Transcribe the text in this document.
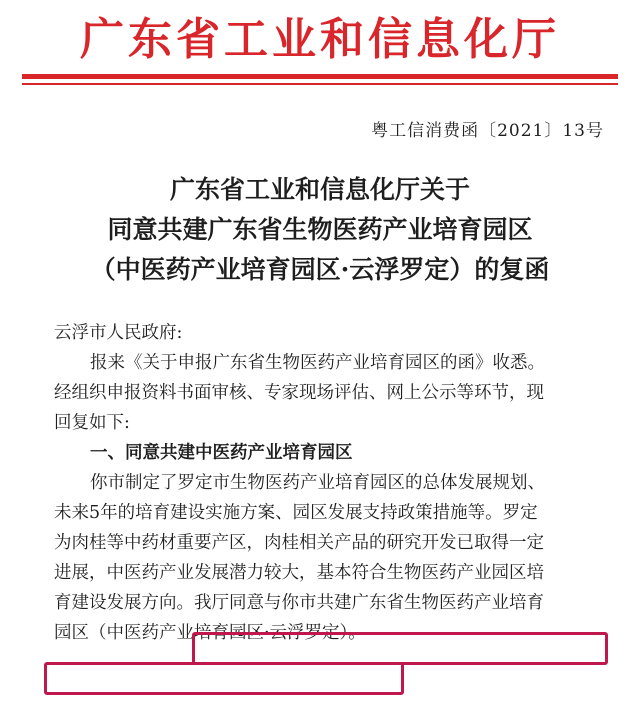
广东省工业和信息化厅
粤工信消费函〔2021〕13号
广东省工业和信息化厅关于
同意共建广东省生物医药产业培育园区
（中医药产业培育园区·云浮罗定）的复函
云浮市人民政府:
报来《关于申报广东省生物医药产业培育园区的函》收悉。
经组织申报资料书面审核、专家现场评估、网上公示等环节，现
回复如下:
一、同意共建中医药产业培育园区
你市制定了罗定市生物医药产业培育园区的总体发展规划、
未来5年的培育建设实施方案、园区发展支持政策措施等。罗定
为肉桂等中药材重要产区，肉桂相关产品的研究开发已取得一定
进展，中医药产业发展潜力较大，基本符合生物医药产业园区培
育建设发展方向。我厅同意与你市共建广东省生物医药产业培育
园区（中医药产业培育园区·云浮罗定）。
